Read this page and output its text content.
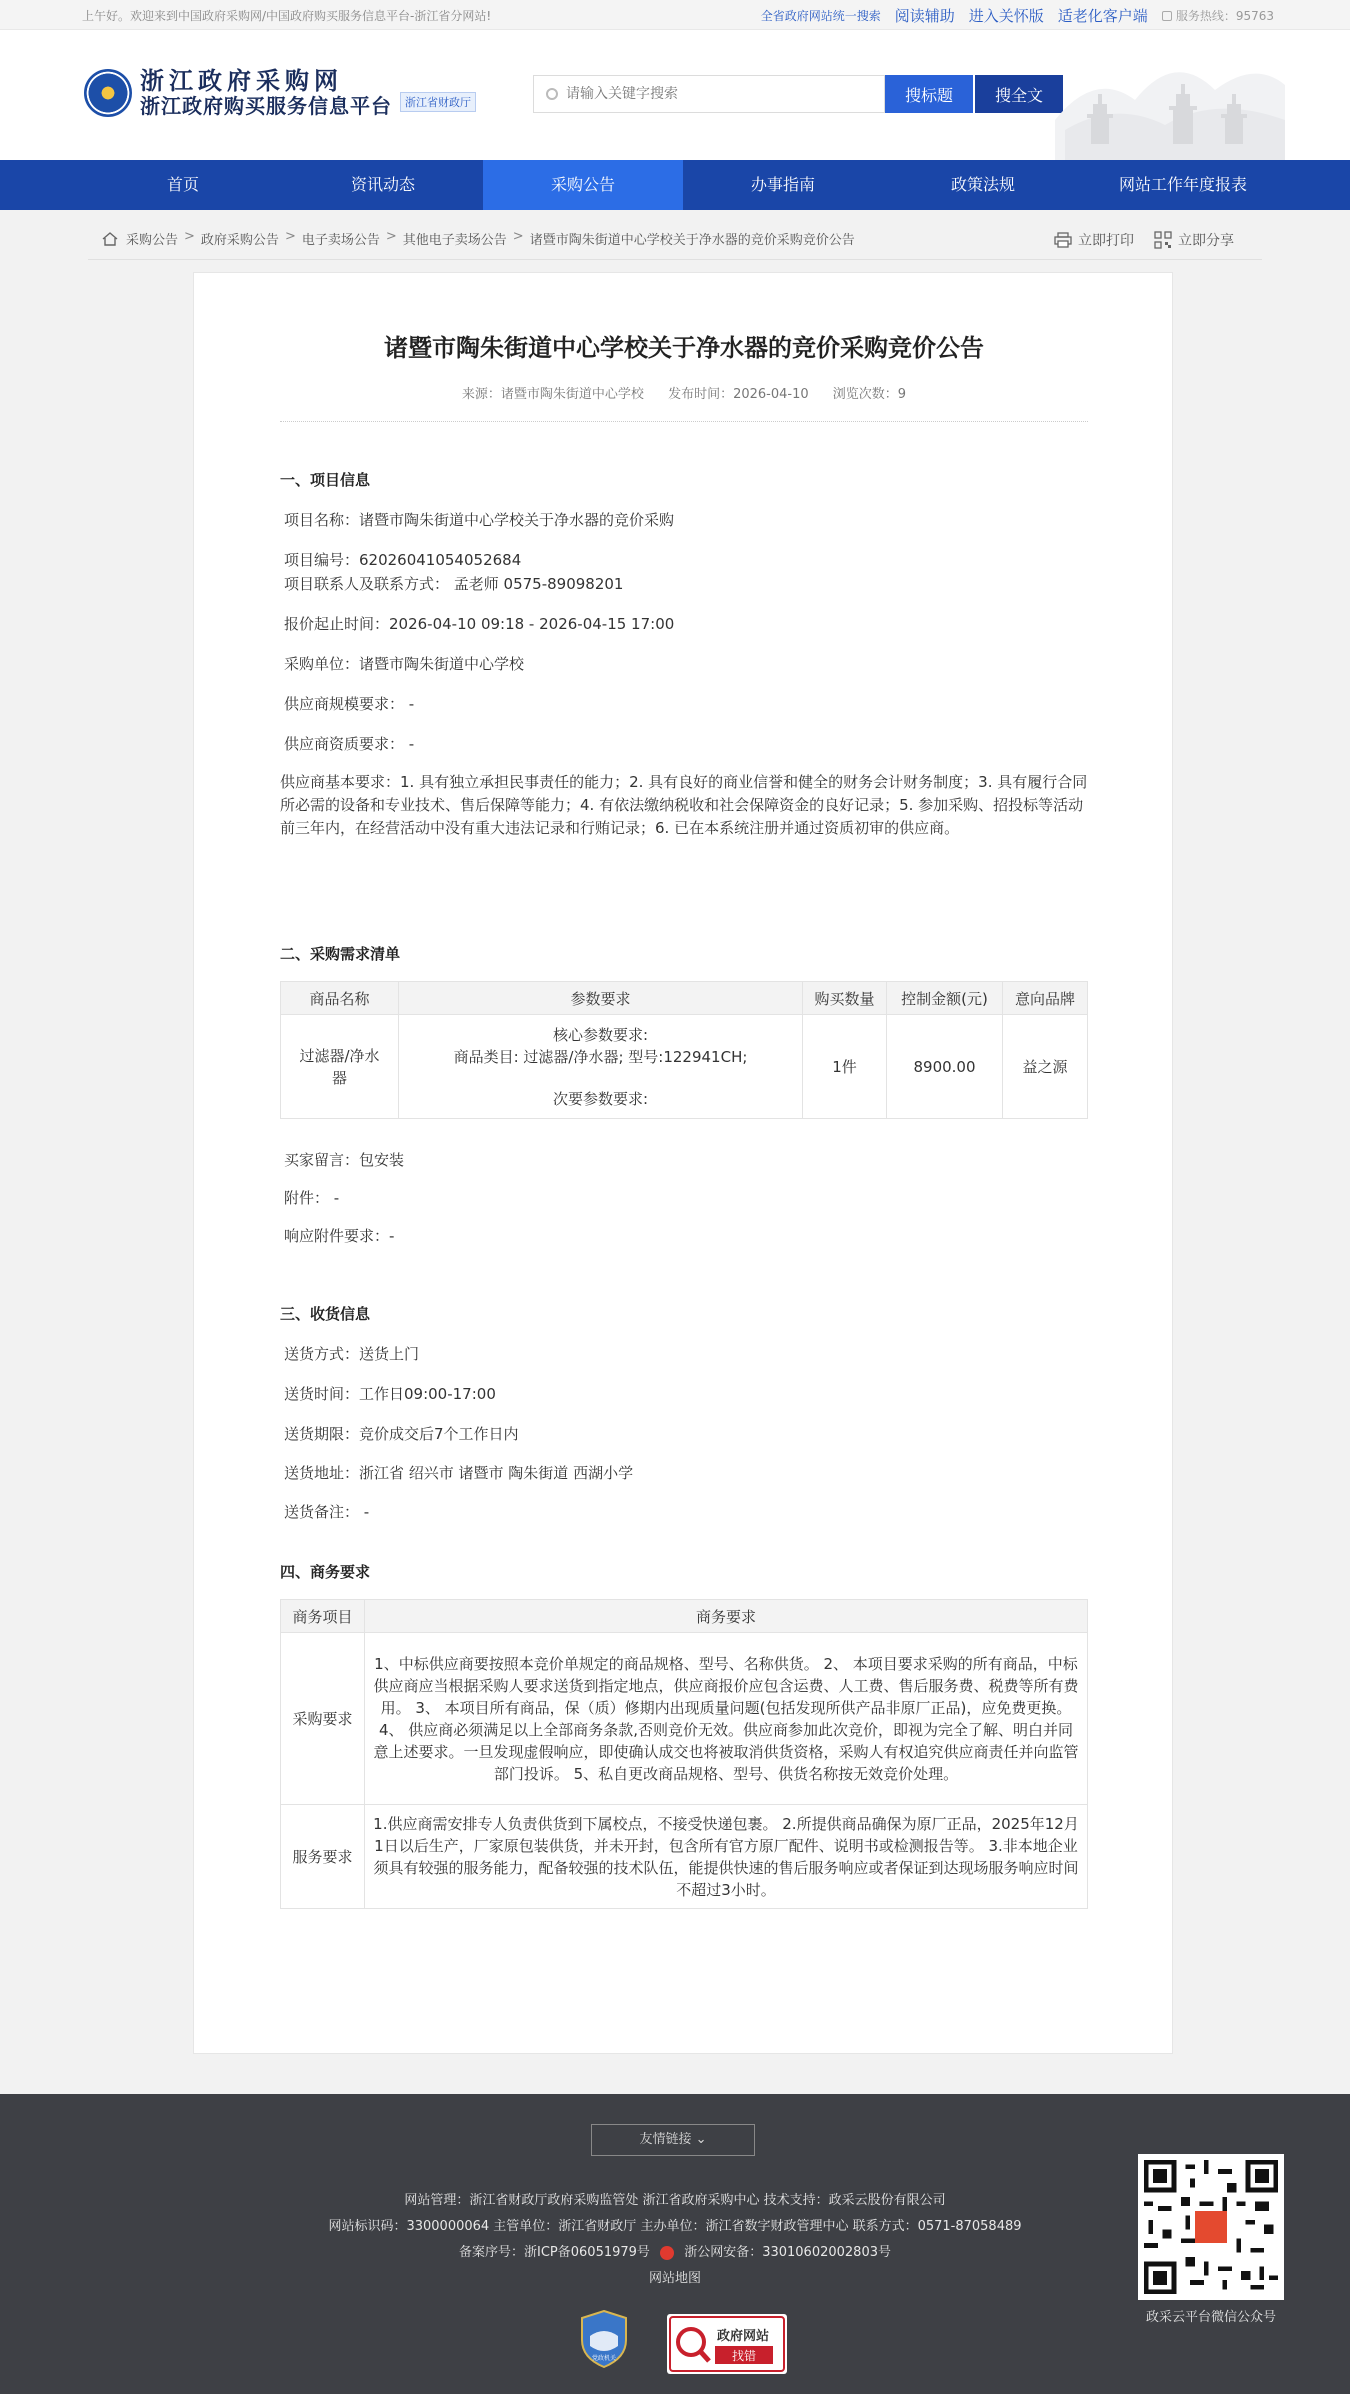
上午好。欢迎来到中国政府采购网/中国政府购买服务信息平台-浙江省分网站!	全省政府网站统一搜索 阅读辅助 进入关怀版 适老化客户端 服务热线：95763
浙江政府采购网
浙江政府购买服务信息平台	浙江省财政厅
请输入关键字搜索	搜标题	搜全文
首页	资讯动态	采购公告	办事指南	政策法规	网站工作年度报表
采购公告 > 政府采购公告 > 电子卖场公告 > 其他电子卖场公告 > 诸暨市陶朱街道中心学校关于净水器的竞价采购竞价公告	立即打印	立即分享
诸暨市陶朱街道中心学校关于净水器的竞价采购竞价公告
来源：诸暨市陶朱街道中心学校 发布时间：2026-04-10 浏览次数：9
一、项目信息
项目名称：诸暨市陶朱街道中心学校关于净水器的竞价采购
项目编号：62026041054052684
项目联系人及联系方式： 孟老师 0575-89098201
报价起止时间：2026-04-10 09:18 - 2026-04-15 17:00
采购单位：诸暨市陶朱街道中心学校
供应商规模要求： -
供应商资质要求： -
供应商基本要求：1. 具有独立承担民事责任的能力；2. 具有良好的商业信誉和健全的财务会计财务制度；3. 具有履行合同所必需的设备和专业技术、售后保障等能力；4. 有依法缴纳税收和社会保障资金的良好记录；5. 参加采购、招投标等活动前三年内，在经营活动中没有重大违法记录和行贿记录；6. 已在本系统注册并通过资质初审的供应商。
二、采购需求清单
商品名称	参数要求	购买数量	控制金额(元)	意向品牌
过滤器/净水器	核心参数要求:
商品类目: 过滤器/净水器; 型号:122941CH;
次要参数要求:	1件	8900.00	益之源
买家留言：包安装
附件： -
响应附件要求：-
三、收货信息
送货方式：送货上门
送货时间：工作日09:00-17:00
送货期限：竞价成交后7个工作日内
送货地址：浙江省 绍兴市 诸暨市 陶朱街道 西湖小学
送货备注： -
四、商务要求
商务项目	商务要求
采购要求	1、中标供应商要按照本竞价单规定的商品规格、型号、名称供货。 2、 本项目要求采购的所有商品，中标供应商应当根据采购人要求送货到指定地点，供应商报价应包含运费、人工费、售后服务费、税费等所有费用。 3、 本项目所有商品，保（质）修期内出现质量问题(包括发现所供产品非原厂正品)，应免费更换。4、 供应商必须满足以上全部商务条款,否则竞价无效。供应商参加此次竞价，即视为完全了解、明白并同意上述要求。一旦发现虚假响应，即使确认成交也将被取消供货资格，采购人有权追究供应商责任并向监管部门投诉。 5、私自更改商品规格、型号、供货名称按无效竞价处理。
服务要求	1.供应商需安排专人负责供货到下属校点，不接受快递包裹。 2.所提供商品确保为原厂正品，2025年12月1日以后生产，厂家原包装供货，并未开封，包含所有官方原厂配件、说明书或检测报告等。 3.非本地企业须具有较强的服务能力，配备较强的技术队伍，能提供快速的售后服务响应或者保证到达现场服务响应时间不超过3小时。
友情链接 ⌄
网站管理：浙江省财政厅政府采购监管处 浙江省政府采购中心 技术支持：政采云股份有限公司
网站标识码：3300000064 主管单位：浙江省财政厅 主办单位：浙江省数字财政管理中心 联系方式：0571-87058489
备案序号：浙ICP备06051979号	浙公网安备：33010602002803号
网站地图
党政机关
政府网站
找错
政采云平台微信公众号
